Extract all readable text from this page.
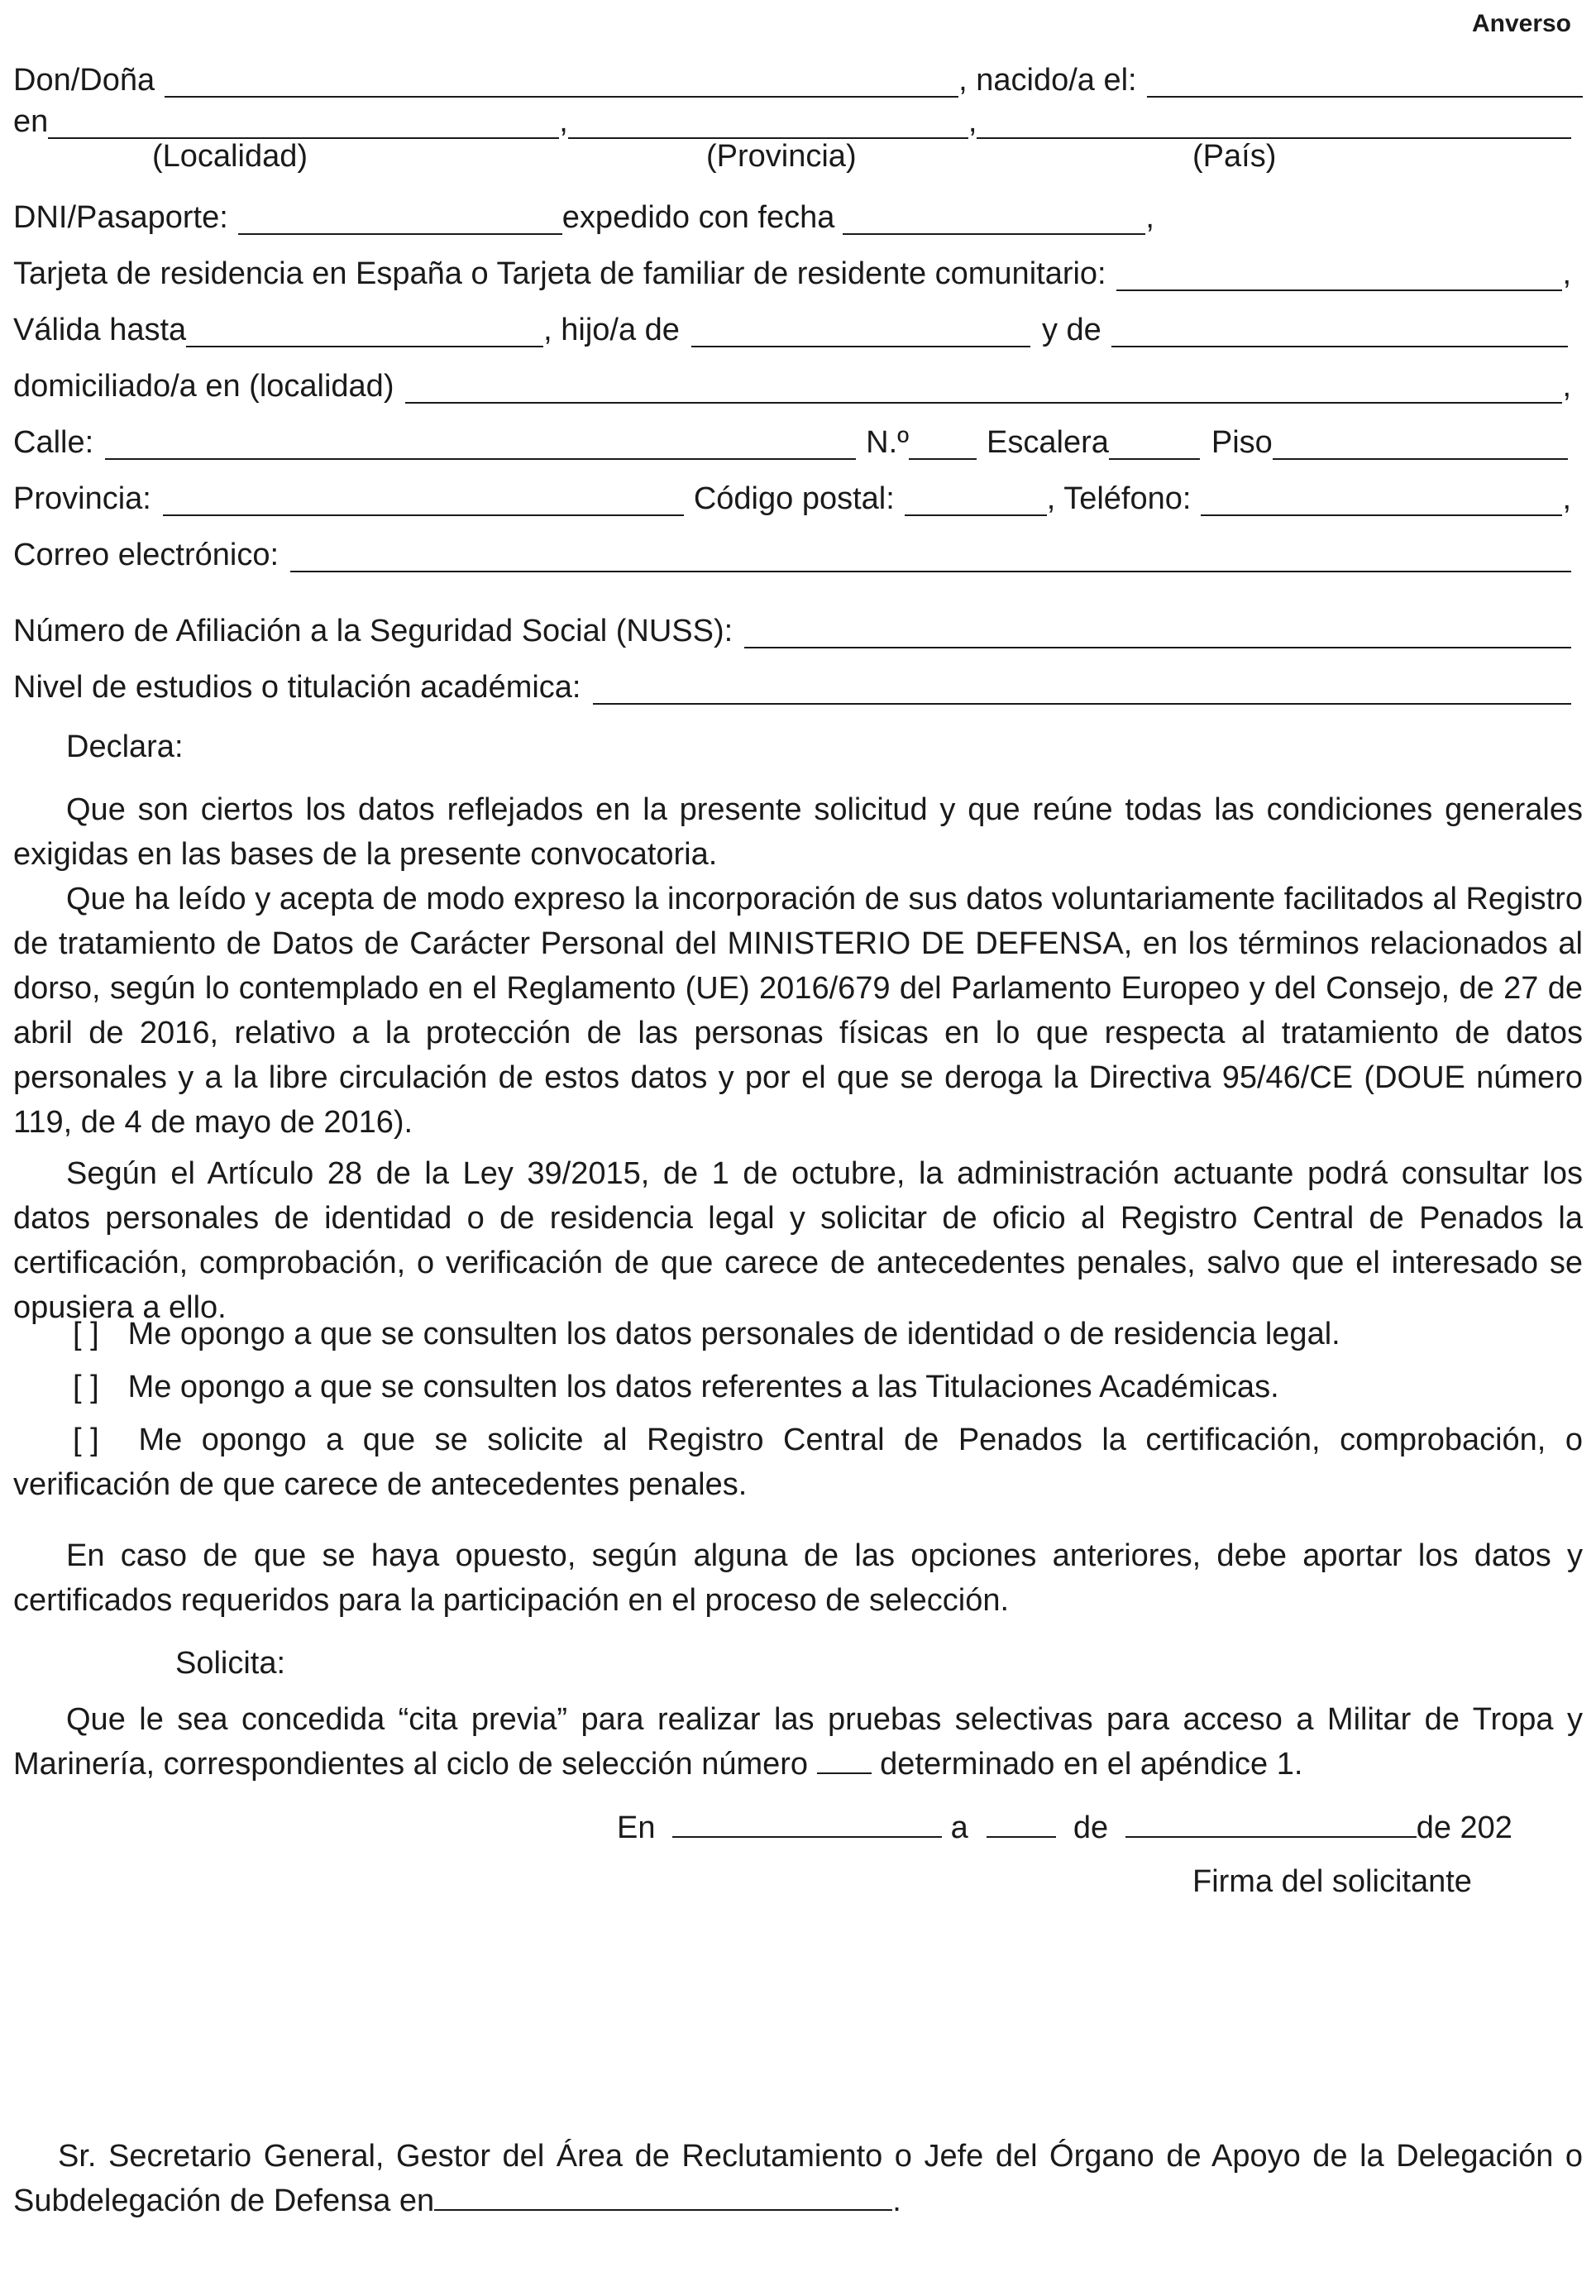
Anverso
Don/Doña	, nacido/a el:
en	,	,
(Localidad)	(Provincia)	(País)
DNI/Pasaporte:	expedido con fecha	,
Tarjeta de residencia en España o Tarjeta de familiar de residente comunitario:	,
Válida hasta	, hijo/a de	y de
domiciliado/a en (localidad)	,
Calle:	N.º Escalera	Piso
Provincia:	Código postal:	, Teléfono:	,
Correo electrónico:
Número de Afiliación a la Seguridad Social (NUSS):
Nivel de estudios o titulación académica:
Declara:
Que son ciertos los datos reflejados en la presente solicitud y que reúne todas las condiciones generales exigidas en las bases de la presente convocatoria.
Que ha leído y acepta de modo expreso la incorporación de sus datos voluntariamente facilitados al Registro de tratamiento de Datos de Carácter Personal del MINISTERIO DE DEFENSA, en los términos relacionados al dorso, según lo contemplado en el Reglamento (UE) 2016/679 del Parlamento Europeo y del Consejo, de 27 de abril de 2016, relativo a la protección de las personas físicas en lo que respecta al tratamiento de datos personales y a la libre circulación de estos datos y por el que se deroga la Directiva 95/46/CE (DOUE número 119, de 4 de mayo de 2016).
Según el Artículo 28 de la Ley 39/2015, de 1 de octubre, la administración actuante podrá consultar los datos personales de identidad o de residencia legal y solicitar de oficio al Registro Central de Penados la certificación, comprobación, o verificación de que carece de antecedentes penales, salvo que el interesado se opusiera a ello.
[ ] Me opongo a que se consulten los datos personales de identidad o de residencia legal.
[ ] Me opongo a que se consulten los datos referentes a las Titulaciones Académicas.
[ ] Me opongo a que se solicite al Registro Central de Penados la certificación, comprobación, o verificación de que carece de antecedentes penales.
En caso de que se haya opuesto, según alguna de las opciones anteriores, debe aportar los datos y certificados requeridos para la participación en el proceso de selección.
Solicita:
Que le sea concedida “cita previa” para realizar las pruebas selectivas para acceso a Militar de Tropa y Marinería, correspondientes al ciclo de selección número determinado en el apéndice 1.
En	a	de	de 202
Firma del solicitante
Sr. Secretario General, Gestor del Área de Reclutamiento o Jefe del Órgano de Apoyo de la Delegación o Subdelegación de Defensa en	.
